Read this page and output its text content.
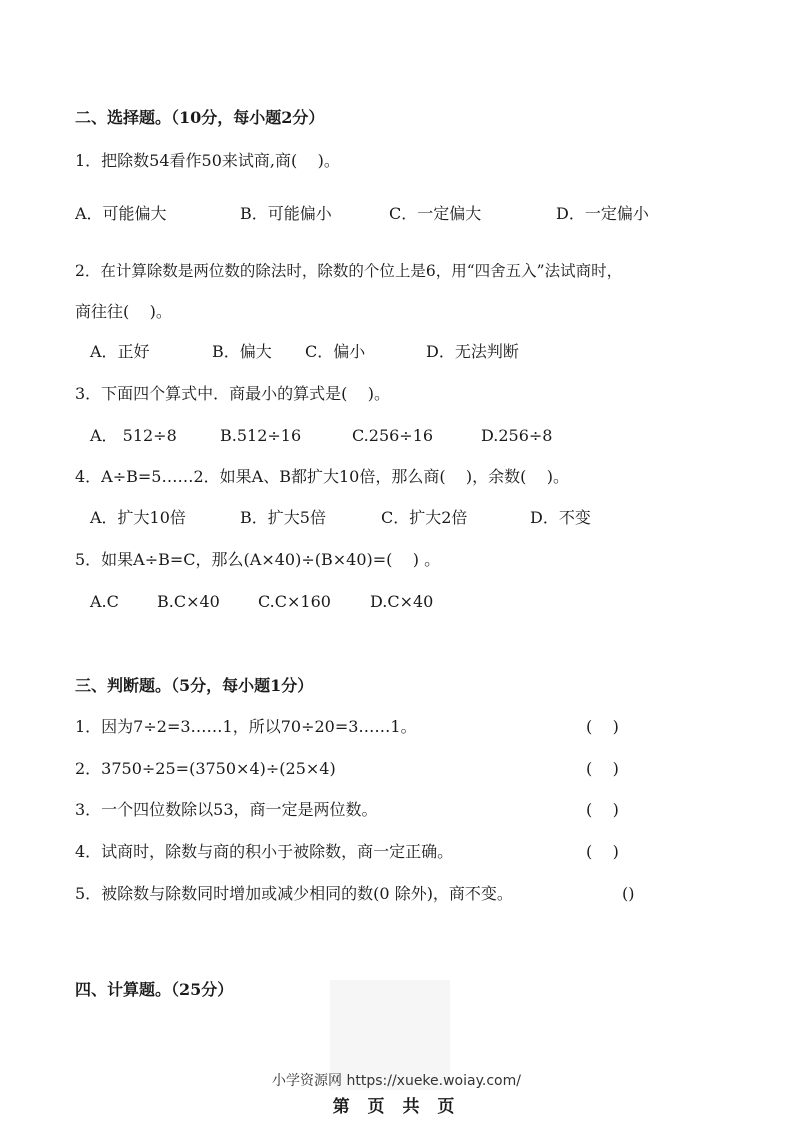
二、选择题。（10分，每小题2分）
1．把除数54看作50来试商,商(    )。
A．可能偏大	B．可能偏小	C．一定偏大	D．一定偏小
2．在计算除数是两位数的除法时，除数的个位上是6，用“四舍五入”法试商时，
商往往(    )。
A．正好	B．偏大 C．偏小	D．无法判断
3．下面四个算式中．商最小的算式是(    )。
A． 512÷8	B.512÷16	C.256÷16	D.256÷8
4．A÷B=5……2．如果A、B都扩大10倍，那么商(    )，余数(    )。
A．扩大10倍	B．扩大5倍	C．扩大2倍	D．不变
5．如果A÷B=C，那么(A×40)÷(B×40)=(    ) 。
A.C B.C×40 C.C×160 D.C×40
三、判断题。（5分，每小题1分）
1．因为7÷2=3……1，所以70÷20=3……1。	(    )
2．3750÷25=(3750×4)÷(25×4)	(    )
3．一个四位数除以53，商一定是两位数。	(    )
4．试商时，除数与商的积小于被除数，商一定正确。	(    )
5．被除数与除数同时增加或减少相同的数(0 除外)，商不变。	()
四、计算题。（25分）
小学资源网 https://xueke.woiay.com/
第 页 共 页
